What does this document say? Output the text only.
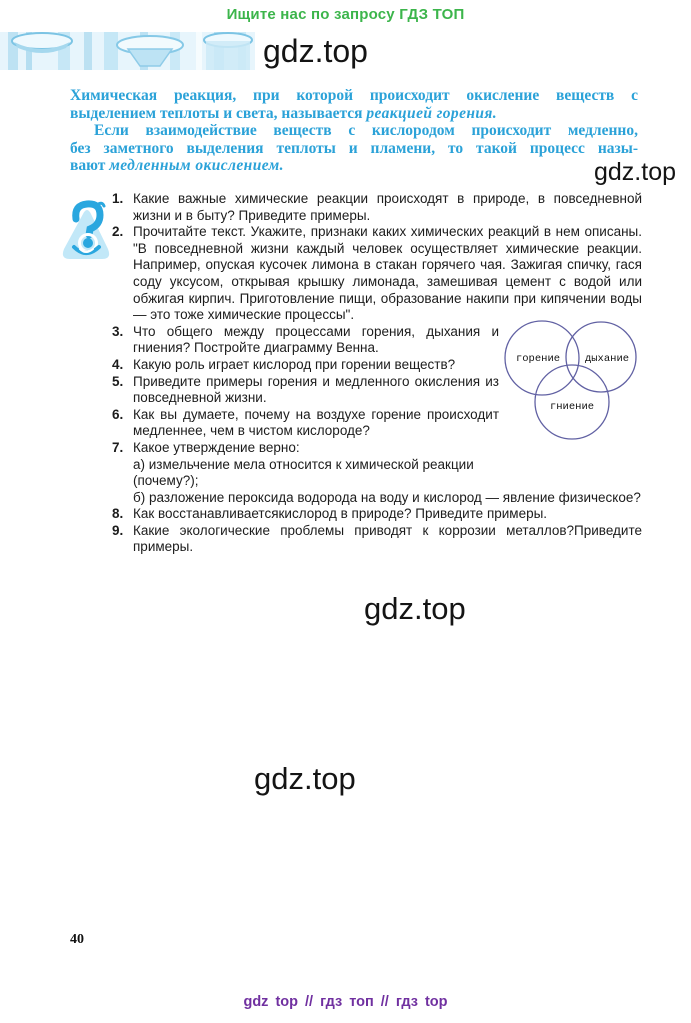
Ищите нас по запросу ГДЗ ТОП
gdz.top
gdz.top
gdz.top
gdz.top
Химическая реакция, при которой происходит окисление веществ с
выделением теплоты и света, называется реакцией горения.
Если взаимодействие веществ с кислородом происходит медленно,
без заметного выделения теплоты и пламени, то такой процесс назы-
вают медленным окислением.
1. Какие важные химические реакции происходят в природе, в повседневной жизни и в быту? Приведите примеры.
2. Прочитайте текст. Укажите, признаки каких химических реакций в нем описаны. "В повседневной жизни каждый человек осуществляет химические реакции. Например, опуская кусочек лимона в стакан горячего чая. Зажигая спичку, гася соду уксусом, открывая крышку лимонада, замешивая цемент с водой или обжигая кирпич. Приготовление пищи, образование накипи при кипячении воды — это тоже химические процессы".
3. Что общего между процессами горения, дыхания и гниения? Постройте диаграмму Венна.
4. Какую роль играет кислород при горении веществ?
5. Приведите примеры горения и медленного окисления из повседневной жизни.
6. Как вы думаете, почему на воздухе горение происходит медленнее, чем в чистом кислороде?
7. Какое утверждение верно:
а) измельчение мела относится к химической реакции (почему?);
б) разложение пероксида водорода на воду и кислород — явление физическое?
8. Как восстанавливаетсякислород в природе? Приведите примеры.
9. Какие экологические проблемы приводят к коррозии металлов?Приведите примеры.
горение дыхание
гниение
40
gdz top // гдз топ // гдз top
